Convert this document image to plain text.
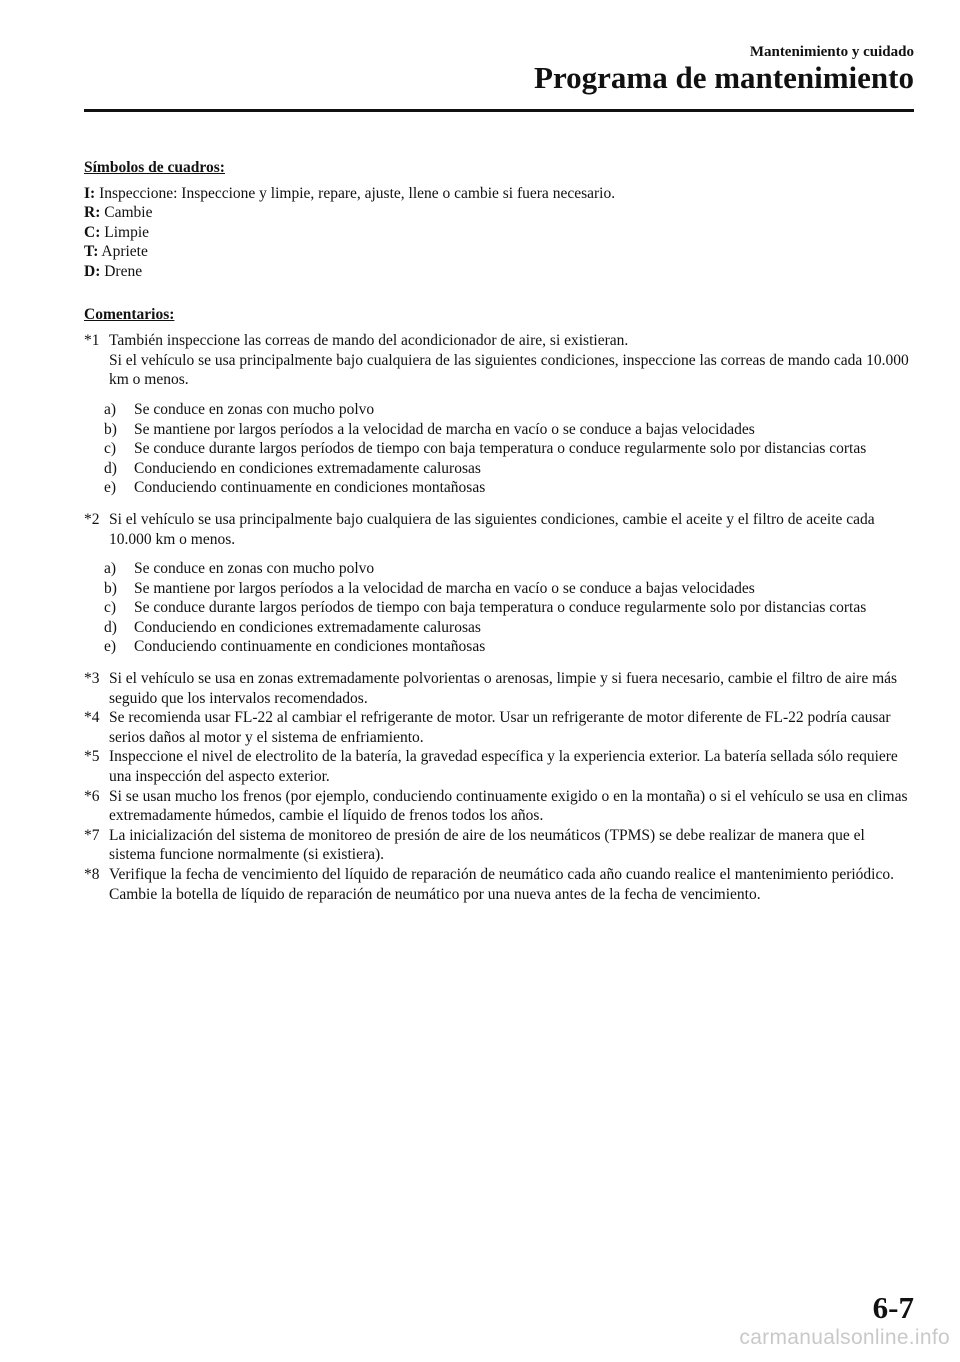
Mantenimiento y cuidado
Programa de mantenimiento

Símbolos de cuadros:

I: Inspeccione: Inspeccione y limpie, repare, ajuste, llene o cambie si fuera necesario.

R: Cambie

C: Limpie

T: Apriete

D: Drene

Comentarios:

*1 También inspeccione las correas de mando del acondicionador de aire, si existieran.

Si el vehículo se usa principalmente bajo cualquiera de las siguientes condiciones, inspeccione las correas de mando cada 10.000 km o menos.

a)	Se conduce en zonas con mucho polvo
b)	Se mantiene por largos períodos a la velocidad de marcha en vacío o se conduce a bajas velocidades
c)	Se conduce durante largos períodos de tiempo con baja temperatura o conduce regularmente solo por distancias cortas
d)	Conduciendo en condiciones extremadamente calurosas
e)	Conduciendo continuamente en condiciones montañosas
*2 Si el vehículo se usa principalmente bajo cualquiera de las siguientes condiciones, cambie el aceite y el filtro de aceite cada 10.000 km o menos.

a)	Se conduce en zonas con mucho polvo
b)	Se mantiene por largos períodos a la velocidad de marcha en vacío o se conduce a bajas velocidades
c)	Se conduce durante largos períodos de tiempo con baja temperatura o conduce regularmente solo por distancias cortas
d)	Conduciendo en condiciones extremadamente calurosas
e)	Conduciendo continuamente en condiciones montañosas
*3 Si el vehículo se usa en zonas extremadamente polvorientas o arenosas, limpie y si fuera necesario, cambie el filtro de aire más seguido que los intervalos recomendados.

*4 Se recomienda usar FL-22 al cambiar el refrigerante de motor. Usar un refrigerante de motor diferente de FL-22 podría causar serios daños al motor y el sistema de enfriamiento.

*5 Inspeccione el nivel de electrolito de la batería, la gravedad específica y la experiencia exterior. La batería sellada sólo requiere una inspección del aspecto exterior.

*6 Si se usan mucho los frenos (por ejemplo, conduciendo continuamente exigido o en la montaña) o si el vehículo se usa en climas extremadamente húmedos, cambie el líquido de frenos todos los años.

*7 La inicialización del sistema de monitoreo de presión de aire de los neumáticos (TPMS) se debe realizar de manera que el sistema funcione normalmente (si existiera).

*8 Verifique la fecha de vencimiento del líquido de reparación de neumático cada año cuando realice el mantenimiento periódico. Cambie la botella de líquido de reparación de neumático por una nueva antes de la fecha de vencimiento.

6-7
carmanualsonline.info
